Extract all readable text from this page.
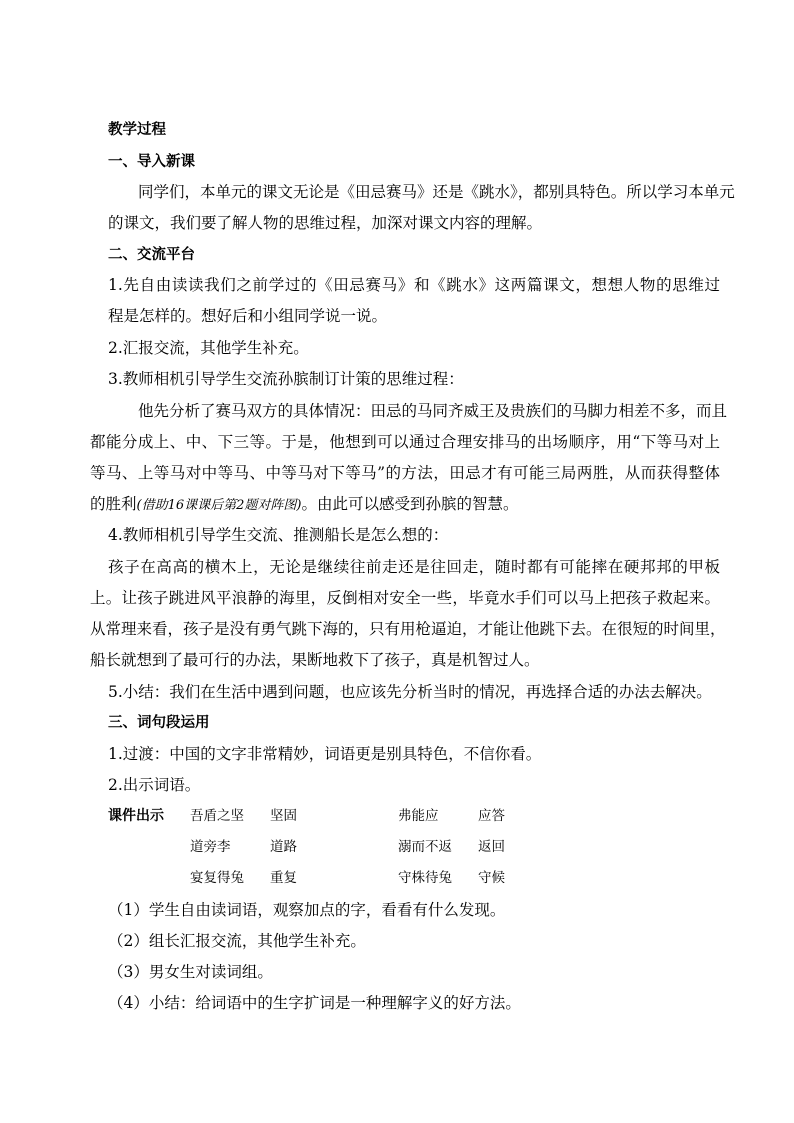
教学过程
一、导入新课
同学们，本单元的课文无论是《田忌赛马》还是《跳水》，都别具特色。所以学习本单元
的课文，我们要了解人物的思维过程，加深对课文内容的理解。
二、交流平台
1.先自由读读我们之前学过的《田忌赛马》和《跳水》这两篇课文，想想人物的思维过
程是怎样的。想好后和小组同学说一说。
2.汇报交流，其他学生补充。
3.教师相机引导学生交流孙膑制订计策的思维过程：
他先分析了赛马双方的具体情况：田忌的马同齐威王及贵族们的马脚力相差不多，而且
都能分成上、中、下三等。于是，他想到可以通过合理安排马的出场顺序，用“下等马对上
等马、上等马对中等马、中等马对下等马”的方法，田忌才有可能三局两胜，从而获得整体
的胜利(借助16课课后第2题对阵图)。由此可以感受到孙膑的智慧。
4.教师相机引导学生交流、推测船长是怎么想的：
孩子在高高的横木上，无论是继续往前走还是往回走，随时都有可能摔在硬邦邦的甲板
上。让孩子跳进风平浪静的海里，反倒相对安全一些，毕竟水手们可以马上把孩子救起来。
从常理来看，孩子是没有勇气跳下海的，只有用枪逼迫，才能让他跳下去。在很短的时间里，
船长就想到了最可行的办法，果断地救下了孩子，真是机智过人。
5.小结：我们在生活中遇到问题，也应该先分析当时的情况，再选择合适的办法去解决。
三、词句段运用
1.过渡：中国的文字非常精妙，词语更是别具特色，不信你看。
2.出示词语。
课件出示 吾盾之坚 坚固	弗能应	应答
道旁李	道路	溺而不返 返回
宴复得兔 重复	守株待兔 守候
（1）学生自由读词语，观察加点的字，看看有什么发现。
（2）组长汇报交流，其他学生补充。
（3）男女生对读词组。
（4）小结：给词语中的生字扩词是一种理解字义的好方法。
